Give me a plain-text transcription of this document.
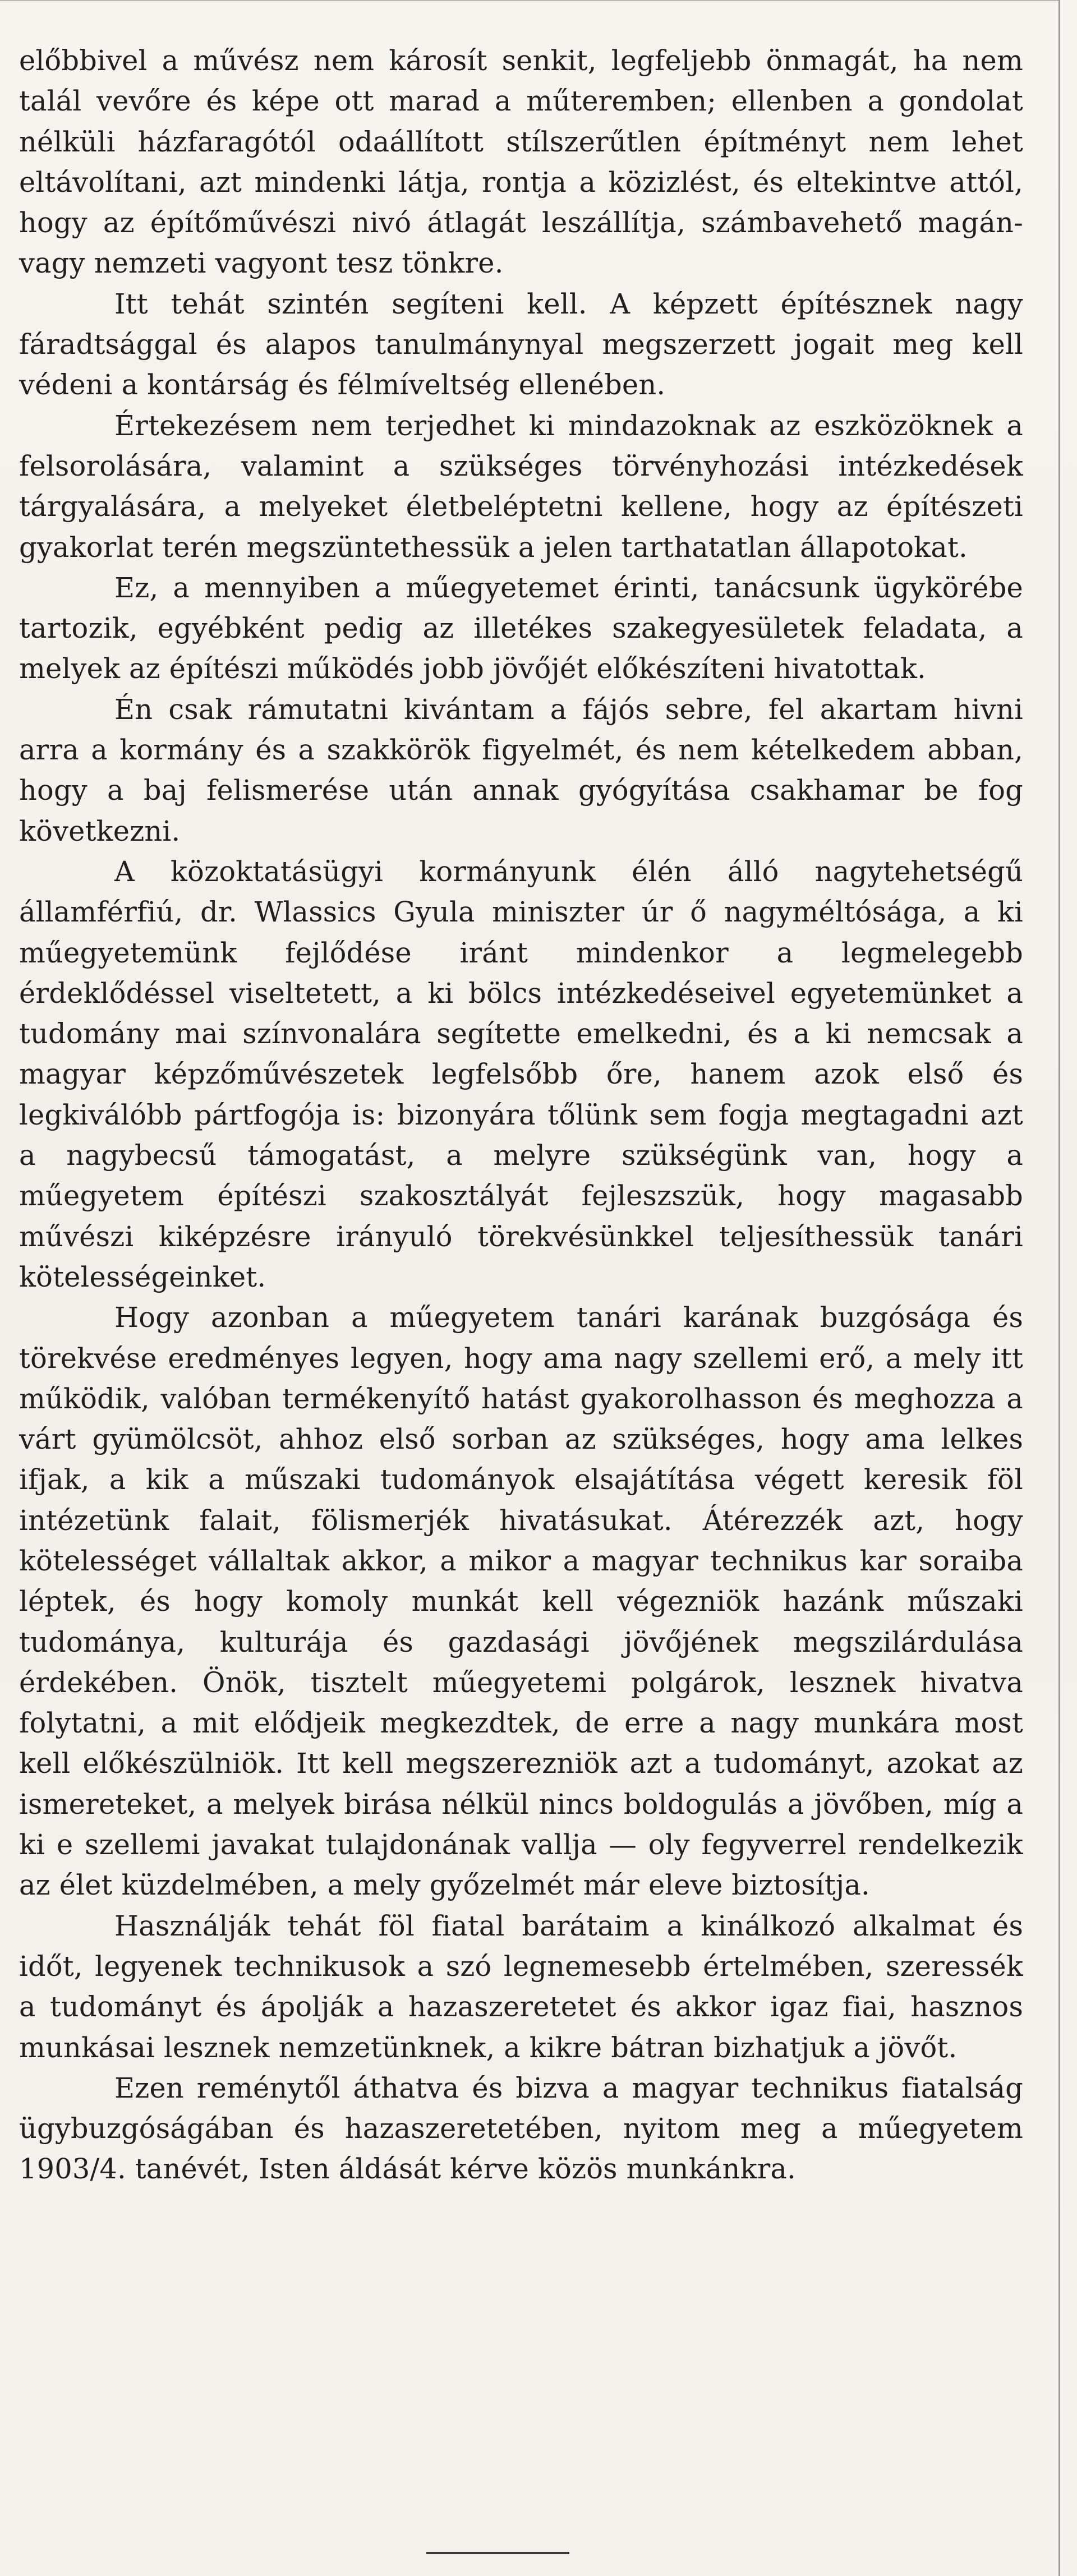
előbbivel a művész nem károsít senkit, legfeljebb önmagát, ha nem talál vevőre és képe ott marad a műteremben; ellenben a gondolat nélküli házfaragótól odaállított stílszerűtlen építményt nem lehet eltávolítani, azt mindenki látja, rontja a közizlést, és eltekintve attól, hogy az építőművészi nivó átlagát leszállítja, számbavehető magán- vagy nemzeti vagyont tesz tönkre.

Itt tehát szintén segíteni kell. A képzett építésznek nagy fáradtsággal és alapos tanulmánynyal megszerzett jogait meg kell védeni a kontárság és félmíveltség ellenében.

Értekezésem nem terjedhet ki mindazoknak az eszközöknek a felsorolására, valamint a szükséges törvényhozási intézkedések tárgyalására, a melyeket életbeléptetni kellene, hogy az építészeti gyakorlat terén megszüntethessük a jelen tarthatatlan állapotokat.

Ez, a mennyiben a műegyetemet érinti, tanácsunk ügykörébe tartozik, egyébként pedig az illetékes szakegyesületek feladata, a melyek az építészi működés jobb jövőjét előkészíteni hivatottak.

Én csak rámutatni kivántam a fájós sebre, fel akartam hivni arra a kormány és a szakkörök figyelmét, és nem kételkedem abban, hogy a baj felismerése után annak gyógyítása csakhamar be fog következni.

A közoktatásügyi kormányunk élén álló nagytehetségű államférfiú, dr. Wlassics Gyula miniszter úr ő nagyméltósága, a ki műegyetemünk fejlődése iránt mindenkor a legmelegebb érdeklődéssel viseltetett, a ki bölcs intézkedéseivel egyetemünket a tudomány mai színvonalára segítette emelkedni, és a ki nemcsak a magyar képzőművészetek legfelsőbb őre, hanem azok első és legkiválóbb pártfogója is: bizonyára tőlünk sem fogja megtagadni azt a nagybecsű támogatást, a melyre szükségünk van, hogy a műegyetem építészi szakosztályát fejleszszük, hogy magasabb művészi kiképzésre irányuló törekvésünkkel teljesíthessük tanári kötelességeinket.

Hogy azonban a műegyetem tanári karának buzgósága és törekvése eredményes legyen, hogy ama nagy szellemi erő, a mely itt működik, valóban termékenyítő hatást gyakorolhasson és meghozza a várt gyümölcsöt, ahhoz első sorban az szükséges, hogy ama lelkes ifjak, a kik a műszaki tudományok elsajátítása végett keresik föl intézetünk falait, fölismerjék hivatásukat. Átérezzék azt, hogy kötelességet vállaltak akkor, a mikor a magyar technikus kar soraiba léptek, és hogy komoly munkát kell végezniök hazánk műszaki tudománya, kulturája és gazdasági jövőjének megszilárdulása érdekében. Önök, tisztelt műegyetemi polgárok, lesznek hivatva folytatni, a mit elődjeik megkezdtek, de erre a nagy munkára most kell előkészülniök. Itt kell megszerezniök azt a tudományt, azokat az ismereteket, a melyek birása nélkül nincs boldogulás a jövőben, míg a ki e szellemi javakat tulajdonának vallja — oly fegyverrel rendelkezik az élet küzdelmében, a mely győzelmét már eleve biztosítja.

Használják tehát föl fiatal barátaim a kinálkozó alkalmat és időt, legyenek technikusok a szó legnemesebb értelmében, szeressék a tudományt és ápolják a hazaszeretetet és akkor igaz fiai, hasznos munkásai lesznek nemzetünknek, a kikre bátran bizhatjuk a jövőt.

Ezen reménytől áthatva és bizva a magyar technikus fiatalság ügybuzgóságában és hazaszeretetében, nyitom meg a műegyetem 1903/4. tanévét, Isten áldását kérve közös munkánkra.
